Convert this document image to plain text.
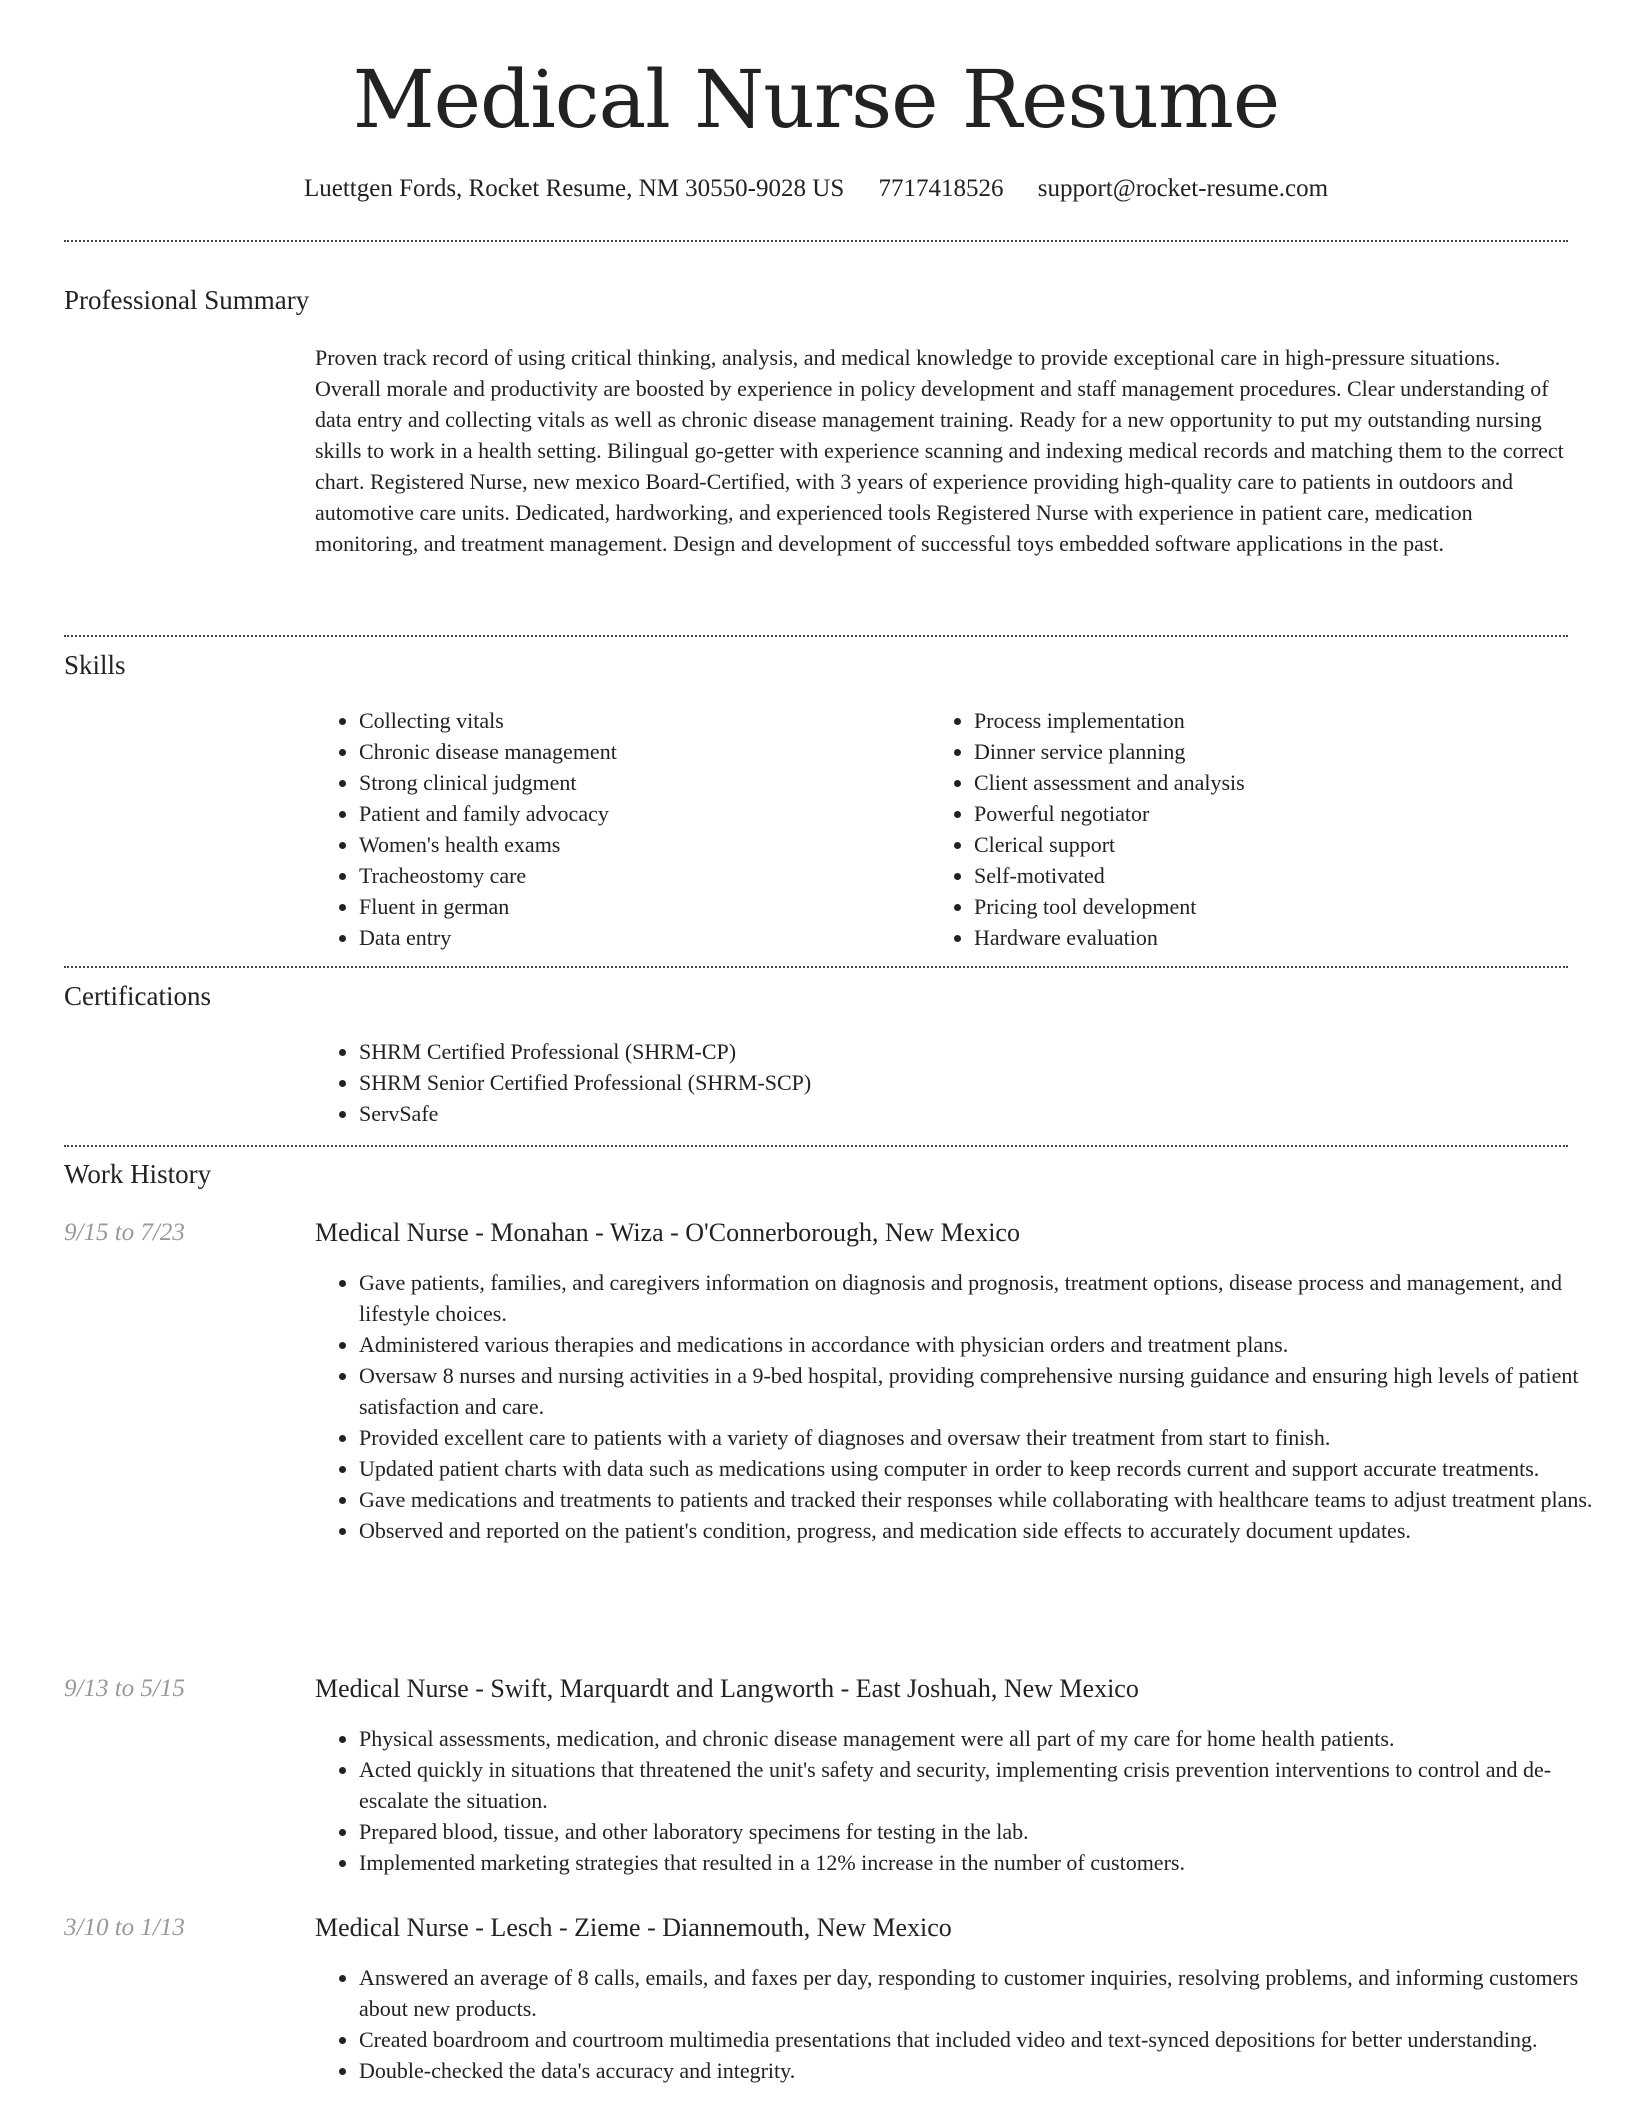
Medical Nurse Resume
Luettgen Fords, Rocket Resume, NM 30550-9028 US 7717418526 support@rocket-resume.com
Professional Summary

Proven track record of using critical thinking, analysis, and medical knowledge to provide exceptional care in high-pressure situations. Overall morale and productivity are boosted by experience in policy development and staff management procedures. Clear understanding of data entry and collecting vitals as well as chronic disease management training. Ready for a new opportunity to put my outstanding nursing skills to work in a health setting. Bilingual go-getter with experience scanning and indexing medical records and matching them to the correct chart. Registered Nurse, new mexico Board-Certified, with 3 years of experience providing high-quality care to patients in outdoors and automotive care units. Dedicated, hardworking, and experienced tools Registered Nurse with experience in patient care, medication monitoring, and treatment management. Design and development of successful toys embedded software applications in the past.

Skills
• Collecting vitals
• Chronic disease management
• Strong clinical judgment
• Patient and family advocacy
• Women's health exams
• Tracheostomy care
• Fluent in german
• Data entry
• Process implementation
• Dinner service planning
• Client assessment and analysis
• Powerful negotiator
• Clerical support
• Self-motivated
• Pricing tool development
• Hardware evaluation
Certifications
• SHRM Certified Professional (SHRM-CP)
• SHRM Senior Certified Professional (SHRM-SCP)
• ServSafe
Work History
9/15 to 7/23	Medical Nurse - Monahan - Wiza - O'Connerborough, New Mexico
• Gave patients, families, and caregivers information on diagnosis and prognosis, treatment options, disease process and management, and lifestyle choices.
• Administered various therapies and medications in accordance with physician orders and treatment plans.
• Oversaw 8 nurses and nursing activities in a 9-bed hospital, providing comprehensive nursing guidance and ensuring high levels of patient satisfaction and care.
• Provided excellent care to patients with a variety of diagnoses and oversaw their treatment from start to finish.
• Updated patient charts with data such as medications using computer in order to keep records current and support accurate treatments.
• Gave medications and treatments to patients and tracked their responses while collaborating with healthcare teams to adjust treatment plans.
• Observed and reported on the patient's condition, progress, and medication side effects to accurately document updates.
9/13 to 5/15	Medical Nurse - Swift, Marquardt and Langworth - East Joshuah, New Mexico
• Physical assessments, medication, and chronic disease management were all part of my care for home health patients.
• Acted quickly in situations that threatened the unit's safety and security, implementing crisis prevention interventions to control and de-escalate the situation.
• Prepared blood, tissue, and other laboratory specimens for testing in the lab.
• Implemented marketing strategies that resulted in a 12% increase in the number of customers.
3/10 to 1/13	Medical Nurse - Lesch - Zieme - Diannemouth, New Mexico
• Answered an average of 8 calls, emails, and faxes per day, responding to customer inquiries, resolving problems, and informing customers about new products.
• Created boardroom and courtroom multimedia presentations that included video and text-synced depositions for better understanding.
• Double-checked the data's accuracy and integrity.
